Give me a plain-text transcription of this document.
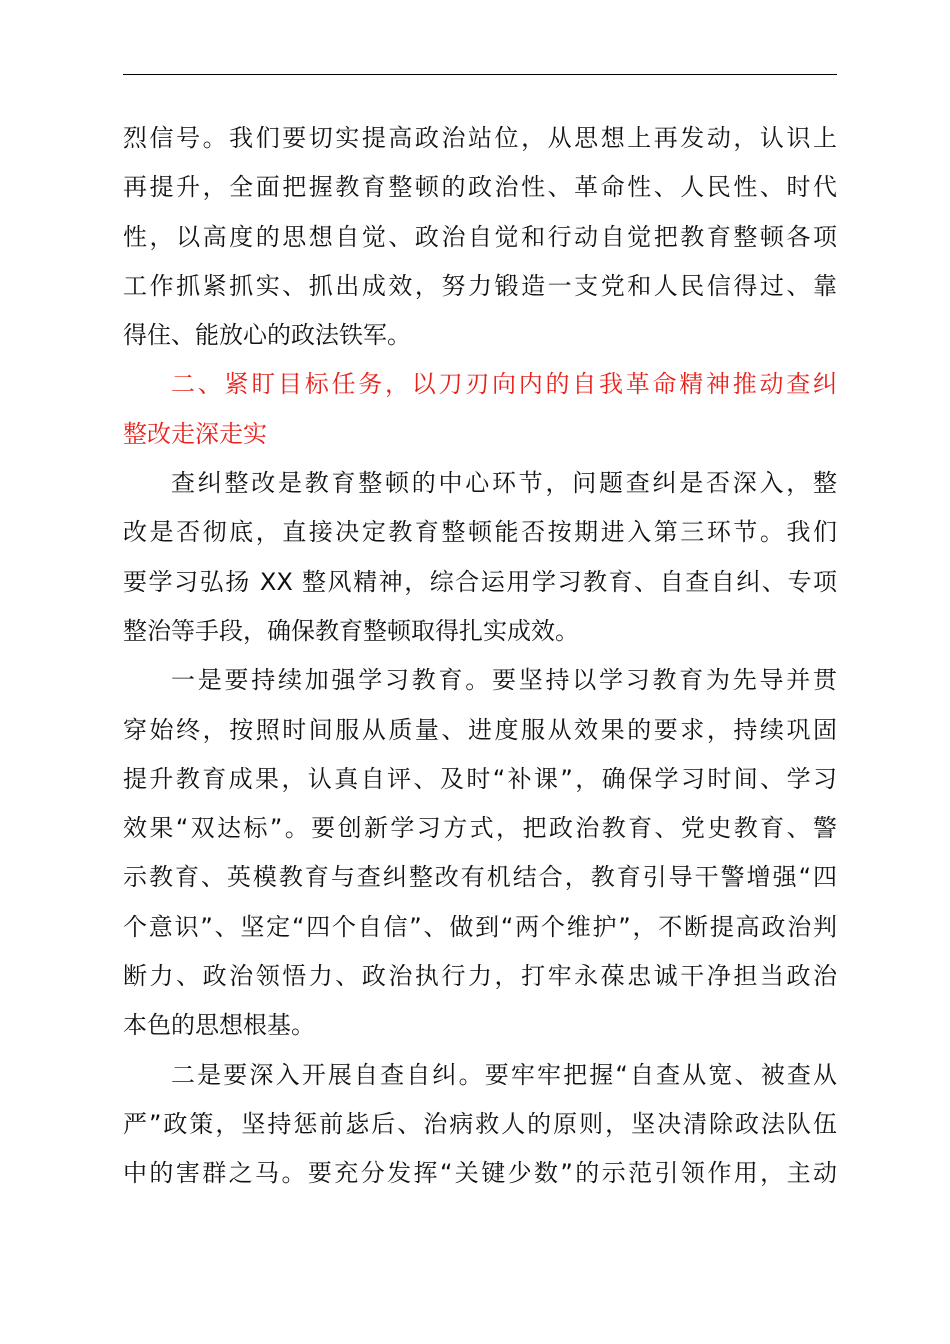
烈信号。我们要切实提高政治站位，从思想上再发动，认识上
再提升，全面把握教育整顿的政治性、革命性、人民性、时代
性，以高度的思想自觉、政治自觉和行动自觉把教育整顿各项
工作抓紧抓实、抓出成效，努力锻造一支党和人民信得过、靠
得住、能放心的政法铁军。
二、紧盯目标任务，以刀刃向内的自我革命精神推动查纠
整改走深走实
查纠整改是教育整顿的中心环节，问题查纠是否深入，整
改是否彻底，直接决定教育整顿能否按期进入第三环节。我们
要学习弘扬 XX 整风精神，综合运用学习教育、自查自纠、专项
整治等手段，确保教育整顿取得扎实成效。
一是要持续加强学习教育。要坚持以学习教育为先导并贯
穿始终，按照时间服从质量、进度服从效果的要求，持续巩固
提升教育成果，认真自评、及时“补课”，确保学习时间、学习
效果“双达标”。要创新学习方式，把政治教育、党史教育、警
示教育、英模教育与查纠整改有机结合，教育引导干警增强“四
个意识”、坚定“四个自信”、做到“两个维护”，不断提高政治判
断力、政治领悟力、政治执行力，打牢永葆忠诚干净担当政治
本色的思想根基。
二是要深入开展自查自纠。要牢牢把握“自查从宽、被查从
严”政策，坚持惩前毖后、治病救人的原则，坚决清除政法队伍
中的害群之马。要充分发挥“关键少数”的示范引领作用，主动
